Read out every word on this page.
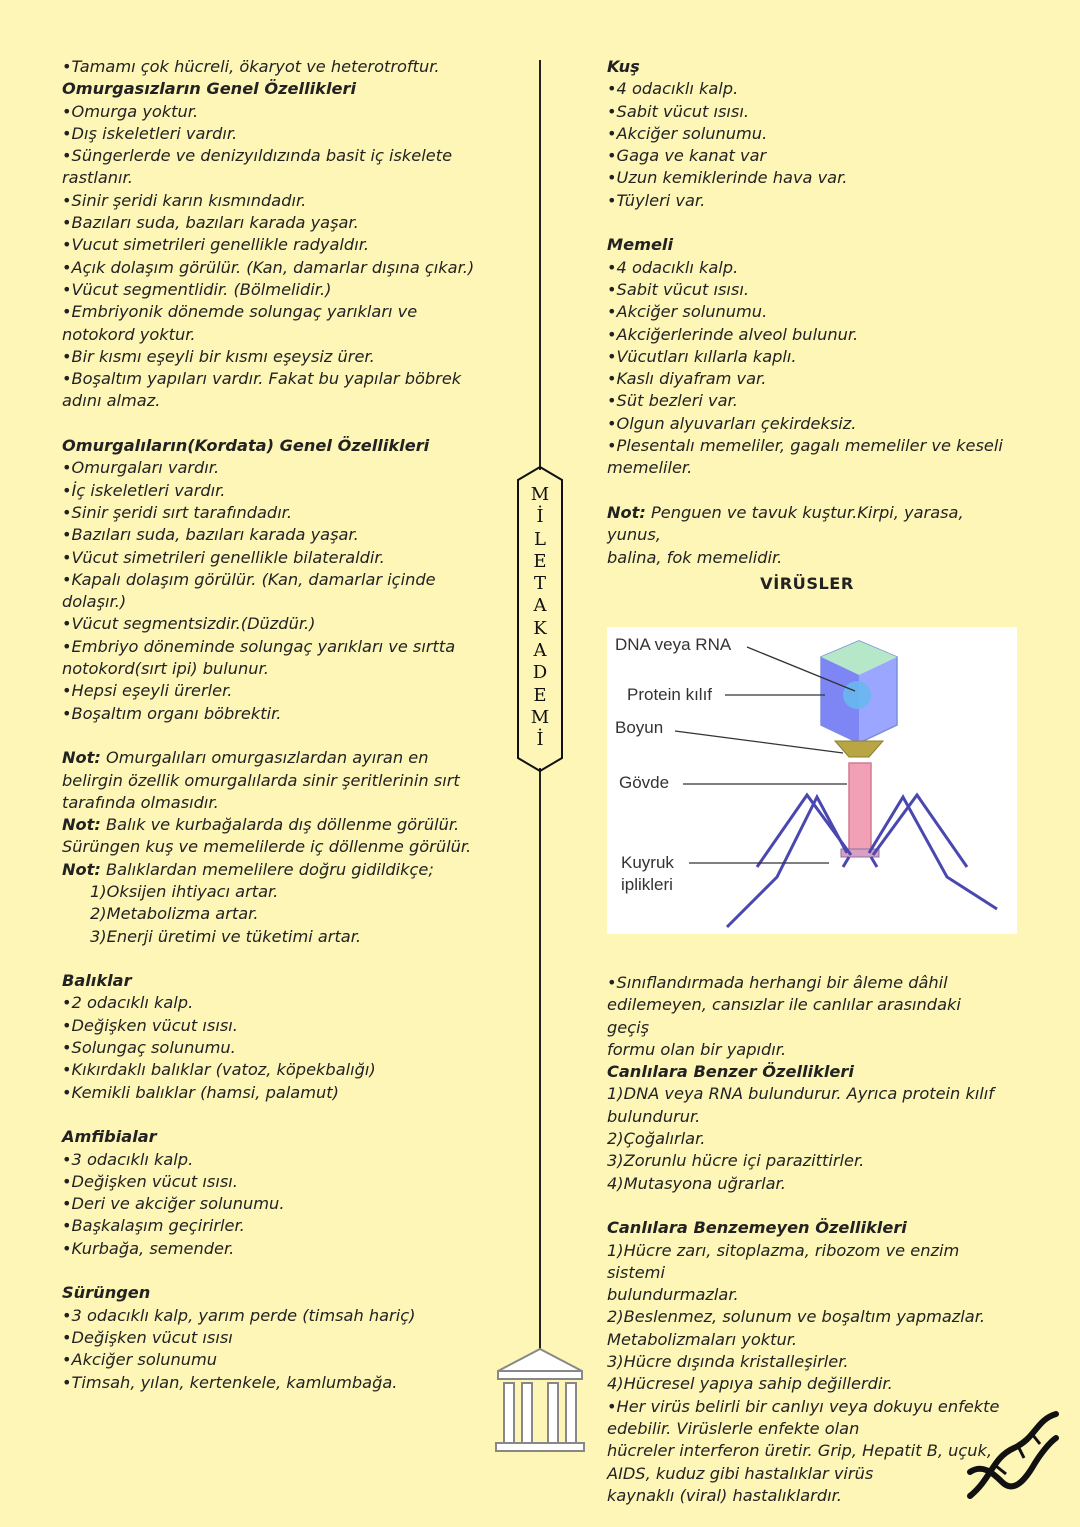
•Tamamı çok hücreli, ökaryot ve heterotroftur.
Omurgasızların Genel Özellikleri
•Omurga yoktur.
•Dış iskeletleri vardır.
•Süngerlerde ve denizyıldızında basit iç iskelete
rastlanır.
•Sinir şeridi karın kısmındadır.
•Bazıları suda, bazıları karada yaşar.
•Vucut simetrileri genellikle radyaldır.
•Açık dolaşım görülür. (Kan, damarlar dışına çıkar.)
•Vücut segmentlidir. (Bölmelidir.)
•Embriyonik dönemde solungaç yarıkları ve
notokord yoktur.
•Bir kısmı eşeyli bir kısmı eşeysiz ürer.
•Boşaltım yapıları vardır. Fakat bu yapılar böbrek
adını almaz.
Omurgalıların(Kordata) Genel Özellikleri
•Omurgaları vardır.
•İç iskeletleri vardır.
•Sinir şeridi sırt tarafındadır.
•Bazıları suda, bazıları karada yaşar.
•Vücut simetrileri genellikle bilateraldir.
•Kapalı dolaşım görülür. (Kan, damarlar içinde
dolaşır.)
•Vücut segmentsizdir.(Düzdür.)
•Embriyo döneminde solungaç yarıkları ve sırtta
notokord(sırt ipi) bulunur.
•Hepsi eşeyli ürerler.
•Boşaltım organı böbrektir.
Not: Omurgalıları omurgasızlardan ayıran en
belirgin özellik omurgalılarda sinir şeritlerinin sırt
tarafında olmasıdır.
Not: Balık ve kurbağalarda dış döllenme görülür.
Sürüngen kuş ve memelilerde iç döllenme görülür.
Not: Balıklardan memelilere doğru gidildikçe;
1)Oksijen ihtiyacı artar.
2)Metabolizma artar.
3)Enerji üretimi ve tüketimi artar.
Balıklar
•2 odacıklı kalp.
•Değişken vücut ısısı.
•Solungaç solunumu.
•Kıkırdaklı balıklar (vatoz, köpekbalığı)
•Kemikli balıklar (hamsi, palamut)
Amfibialar
•3 odacıklı kalp.
•Değişken vücut ısısı.
•Deri ve akciğer solunumu.
•Başkalaşım geçirirler.
•Kurbağa, semender.
Sürüngen
•3 odacıklı kalp, yarım perde (timsah hariç)
•Değişken vücut ısısı
•Akciğer solunumu
•Timsah, yılan, kertenkele, kamlumbağa.
M
İ
L
E
T
A
K
A
D
E
M
İ
Kuş
•4 odacıklı kalp.
•Sabit vücut ısısı.
•Akciğer solunumu.
•Gaga ve kanat var
•Uzun kemiklerinde hava var.
•Tüyleri var.
Memeli
•4 odacıklı kalp.
•Sabit vücut ısısı.
•Akciğer solunumu.
•Akciğerlerinde alveol bulunur.
•Vücutları kıllarla kaplı.
•Kaslı diyafram var.
•Süt bezleri var.
•Olgun alyuvarları çekirdeksiz.
•Plesentalı memeliler, gagalı memeliler ve keseli
memeliler.
Not: Penguen ve tavuk kuştur.Kirpi, yarasa, yunus,
balina, fok memelidir.
VİRÜSLER
DNA veya RNA
Protein kılıf
Boyun
Gövde
Kuyruk
iplikleri
•Sınıflandırmada herhangi bir âleme dâhil
edilemeyen, cansızlar ile canlılar arasındaki geçiş
formu olan bir yapıdır.
Canlılara Benzer Özellikleri
1)DNA veya RNA bulundurur. Ayrıca protein kılıf
bulundurur.
2)Çoğalırlar.
3)Zorunlu hücre içi parazittirler.
4)Mutasyona uğrarlar.
Canlılara Benzemeyen Özellikleri
1)Hücre zarı, sitoplazma, ribozom ve enzim sistemi
bulundurmazlar.
2)Beslenmez, solunum ve boşaltım yapmazlar.
Metabolizmaları yoktur.
3)Hücre dışında kristalleşirler.
4)Hücresel yapıya sahip değillerdir.
•Her virüs belirli bir canlıyı veya dokuyu enfekte
edebilir. Virüslerle enfekte olan
hücreler interferon üretir. Grip, Hepatit B, uçuk,
AIDS, kuduz gibi hastalıklar virüs
kaynaklı (viral) hastalıklardır.
